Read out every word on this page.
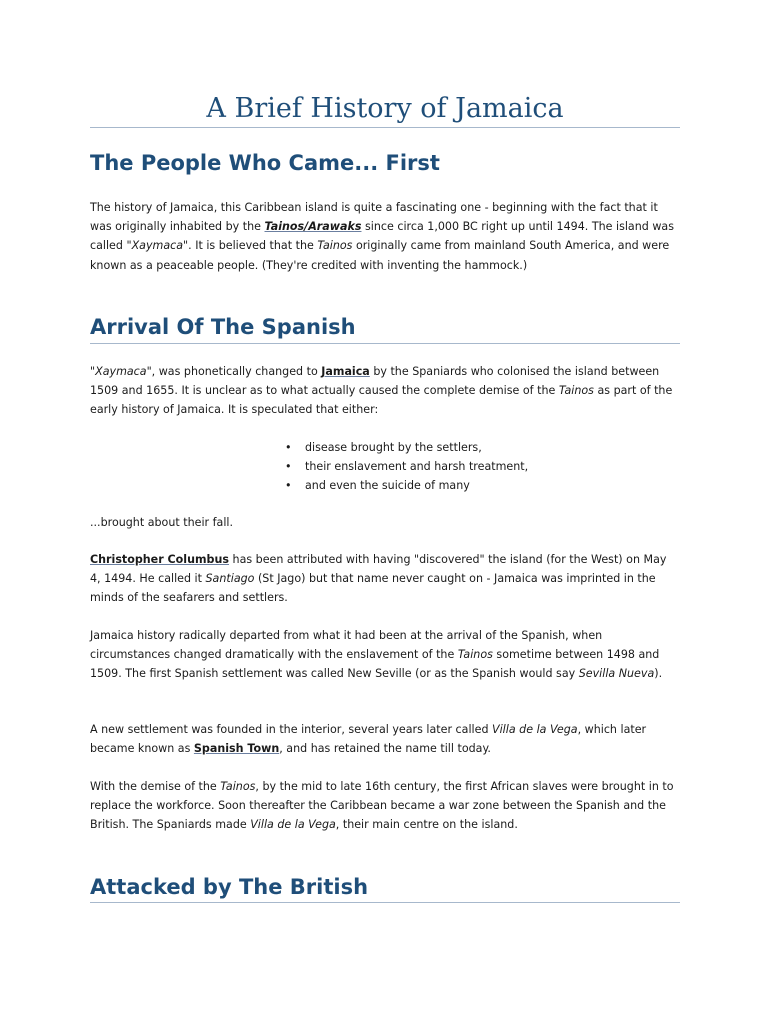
A Brief History of Jamaica
The People Who Came... First

The history of Jamaica, this Caribbean island is quite a fascinating one - beginning with the fact that it was originally inhabited by the Tainos/Arawaks since circa 1,000 BC right up until 1494. The island was called "Xaymaca". It is believed that the Tainos originally came from mainland South America, and were known as a peaceable people. (They're credited with inventing the hammock.)

Arrival Of The Spanish

"Xaymaca", was phonetically changed to Jamaica by the Spaniards who colonised the island between 1509 and 1655. It is unclear as to what actually caused the complete demise of the Tainos as part of the early history of Jamaica. It is speculated that either:

• disease brought by the settlers,
• their enslavement and harsh treatment,
• and even the suicide of many

...brought about their fall.

Christopher Columbus has been attributed with having "discovered" the island (for the West) on May 4, 1494. He called it Santiago (St Jago) but that name never caught on - Jamaica was imprinted in the minds of the seafarers and settlers.

Jamaica history radically departed from what it had been at the arrival of the Spanish, when circumstances changed dramatically with the enslavement of the Tainos sometime between 1498 and 1509. The first Spanish settlement was called New Seville (or as the Spanish would say Sevilla Nueva).

A new settlement was founded in the interior, several years later called Villa de la Vega, which later became known as Spanish Town, and has retained the name till today.

With the demise of the Tainos, by the mid to late 16th century, the first African slaves were brought in to replace the workforce. Soon thereafter the Caribbean became a war zone between the Spanish and the British. The Spaniards made Villa de la Vega, their main centre on the island.

Attacked by The British
